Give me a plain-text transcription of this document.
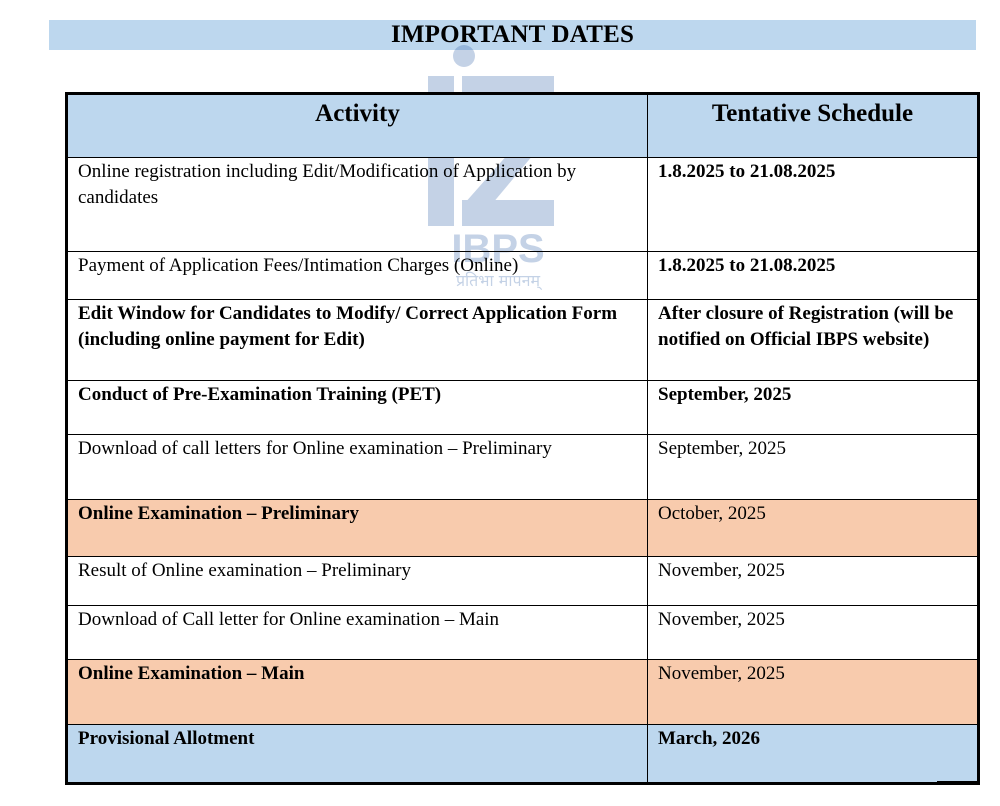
IMPORTANT DATES
IBPS
प्रतिभा मापनम्
Activity	Tentative Schedule
Online registration including Edit/Modification of Application by candidates	1.8.2025 to 21.08.2025
Payment of Application Fees/Intimation Charges (Online)	1.8.2025 to 21.08.2025
Edit Window for Candidates to Modify/ Correct Application Form (including online payment for Edit)	After closure of Registration (will be notified on Official IBPS website)
Conduct of Pre-Examination Training (PET)	September, 2025
Download of call letters for Online examination – Preliminary	September, 2025
Online Examination – Preliminary	October, 2025
Result of Online examination – Preliminary	November, 2025
Download of Call letter for Online examination – Main	November, 2025
Online Examination – Main	November, 2025
Provisional Allotment	March, 2026
